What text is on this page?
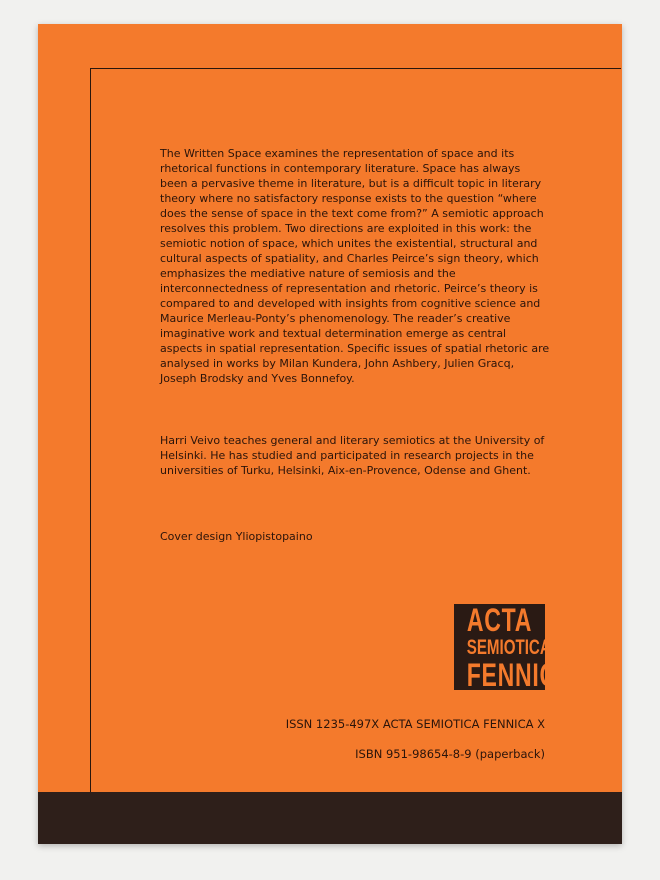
The Written Space examines the representation of space and its rhetorical functions in contemporary literature. Space has always been a pervasive theme in literature, but is a difficult topic in literary theory where no satisfactory response exists to the question “where does the sense of space in the text come from?” A semiotic approach resolves this problem. Two directions are exploited in this work: the semiotic notion of space, which unites the existential, structural and cultural aspects of spatiality, and Charles Peirce’s sign theory, which emphasizes the mediative nature of semiosis and the interconnectedness of representation and rhetoric. Peirce’s theory is compared to and developed with insights from cognitive science and Maurice Merleau-Ponty’s phenomenology. The reader’s creative imaginative work and textual determination emerge as central aspects in spatial representation. Specific issues of spatial rhetoric are analysed in works by Milan Kundera, John Ashbery, Julien Gracq, Joseph Brodsky and Yves Bonnefoy.

Harri Veivo teaches general and literary semiotics at the University of Helsinki. He has studied and participated in research projects in the universities of Turku, Helsinki, Aix-en-Provence, Odense and Ghent.

Cover design Yliopistopaino

ACTA
SEMIOTICA
FENNICA
ISSN 1235-497X ACTA SEMIOTICA FENNICA X
ISBN 951-98654-8-9 (paperback)
